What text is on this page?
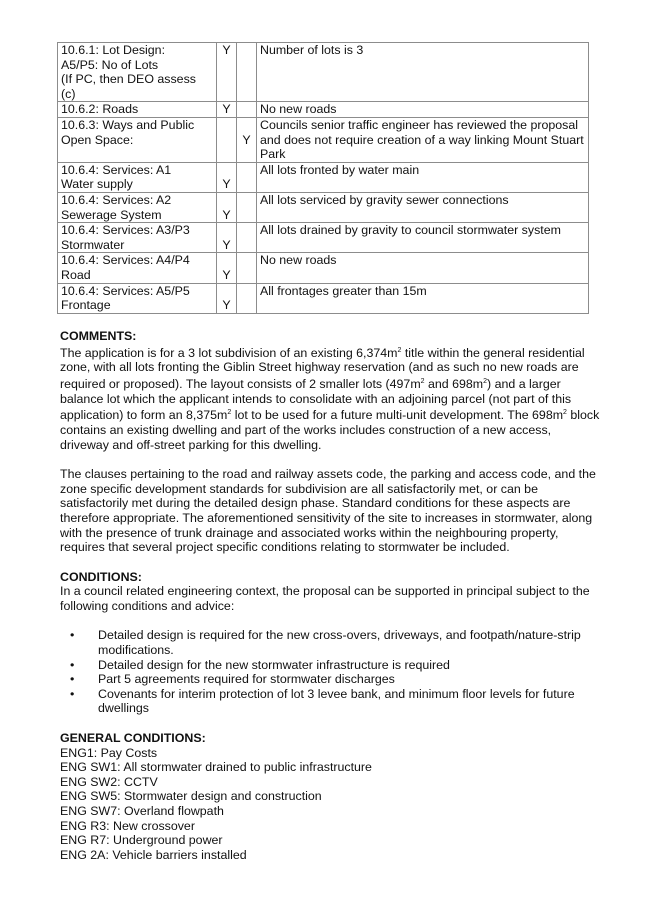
10.6.1: Lot Design:
A5/P5: No of Lots
(If PC, then DEO assess
(c)	Y		Number of lots is 3

10.6.2: Roads	Y		No new roads

10.6.3: Ways and Public
Open Space:		Y	Councils senior traffic engineer has reviewed the proposal and does not require creation of a way linking Mount Stuart Park

10.6.4: Services: A1
Water supply	Y		All lots fronted by water main

10.6.4: Services: A2
Sewerage System	Y		All lots serviced by gravity sewer connections

10.6.4: Services: A3/P3
Stormwater	Y		All lots drained by gravity to council stormwater system

10.6.4: Services: A4/P4
Road	Y		No new roads

10.6.4: Services: A5/P5
Frontage	Y		All frontages greater than 15m
COMMENTS:

The application is for a 3 lot subdivision of an existing $6,374m^2$ title within the general residential zone, with all lots fronting the Giblin Street highway reservation (and as such no new roads are required or proposed). The layout consists of 2 smaller lots ($497m^2$ and $698m^2$) and a larger balance lot which the applicant intends to consolidate with an adjoining parcel (not part of this application) to form an $8,375m^2$ lot to be used for a future multi-unit development. The $698m^2$ block contains an existing dwelling and part of the works includes construction of a new access, driveway and off-street parking for this dwelling.

The clauses pertaining to the road and railway assets code, the parking and access code, and the zone specific development standards for subdivision are all satisfactorily met, or can be satisfactorily met during the detailed design phase. Standard conditions for these aspects are therefore appropriate. The aforementioned sensitivity of the site to increases in stormwater, along with the presence of trunk drainage and associated works within the neighbouring property, requires that several project specific conditions relating to stormwater be included.

CONDITIONS:

In a council related engineering context, the proposal can be supported in principal subject to the following conditions and advice:

• Detailed design is required for the new cross-overs, driveways, and footpath/nature-strip modifications.
• Detailed design for the new stormwater infrastructure is required
• Part 5 agreements required for stormwater discharges
• Covenants for interim protection of lot 3 levee bank, and minimum floor levels for future dwellings
GENERAL CONDITIONS:
ENG1: Pay Costs
ENG SW1: All stormwater drained to public infrastructure
ENG SW2: CCTV
ENG SW5: Stormwater design and construction
ENG SW7: Overland flowpath
ENG R3: New crossover
ENG R7: Underground power
ENG 2A: Vehicle barriers installed
